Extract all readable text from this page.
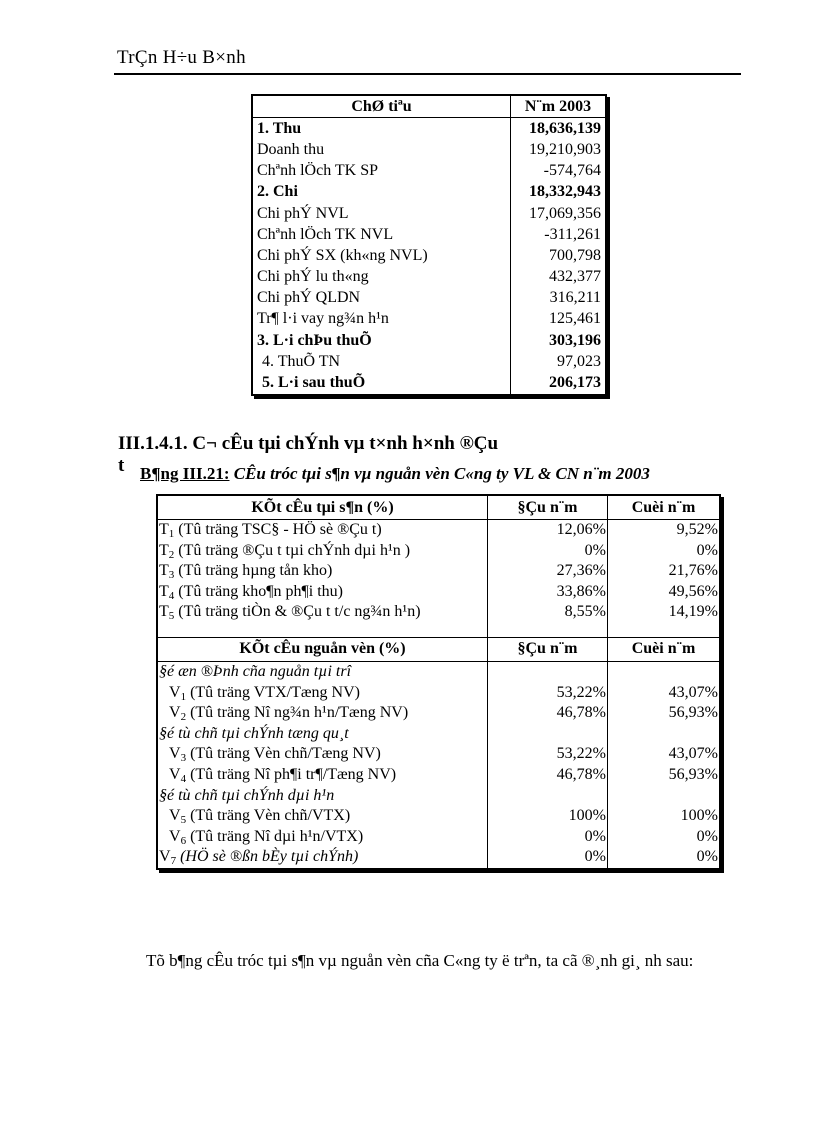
TrÇn H÷u B×nh
ChØ tiªu	N¨m 2003
1. Thu	18,636,139
Doanh thu	19,210,903
Chªnh lÖch TK SP	-574,764
2. Chi	18,332,943
Chi phÝ NVL	17,069,356
Chªnh lÖch TK NVL	-311,261
Chi phÝ SX (kh«ng NVL)	700,798
Chi phÝ lu th«ng	432,377
Chi phÝ QLDN	316,211
Tr¶ l·i vay ng¾n h¹n	125,461
3. L·i chÞu thuÕ	303,196
4. ThuÕ TN	97,023
5. L·i sau thuÕ	206,173
III.1.4.1. C¬ cÊu tµi chÝnh vµ t×nh h×nh ®Çu t B¶ng III.21: CÊu tróc tµi s¶n vµ nguån vèn C«ng ty VL & CN n¨m 2003
KÕt cÊu tµi s¶n (%)	§Çu n¨m	Cuèi n¨m
$T_1$ (Tû träng TSC§ - HÖ sè ®Çu t)	12,06%	9,52%
$T_2$ (Tû träng ®Çu t tµi chÝnh dµi h¹n )	0%	0%
$T_3$ (Tû träng hµng tån kho)	27,36%	21,76%
$T_4$ (Tû träng kho¶n ph¶i thu)	33,86%	49,56%
$T_5$ (Tû träng tiÒn & ®Çu t t/c ng¾n h¹n)	8,55%	14,19%

KÕt cÊu nguån vèn (%)	§Çu n¨m	Cuèi n¨m
§é æn ®Þnh cña nguån tµi trî		
$V_1$ (Tû träng VTX/Tæng NV)	53,22%	43,07%
$V_2$ (Tû träng Nî ng¾n h¹n/Tæng NV)	46,78%	56,93%
§é tù chñ tµi chÝnh tæng qu¸t		
$V_3$ (Tû träng Vèn chñ/Tæng NV)	53,22%	43,07%
$V_4$ (Tû träng Nî ph¶i tr¶/Tæng NV)	46,78%	56,93%
§é tù chñ tµi chÝnh dµi h¹n		
$V_5$ (Tû träng Vèn chñ/VTX)	100%	100%
$V_6$ (Tû träng Nî dµi h¹n/VTX)	0%	0%
$V_7$ (HÖ sè ®ßn bÈy tµi chÝnh)	0%	0%
Tõ b¶ng cÊu tróc tµi s¶n vµ nguån vèn cña C«ng ty ë trªn, ta cã ®¸nh gi¸ nh sau:
